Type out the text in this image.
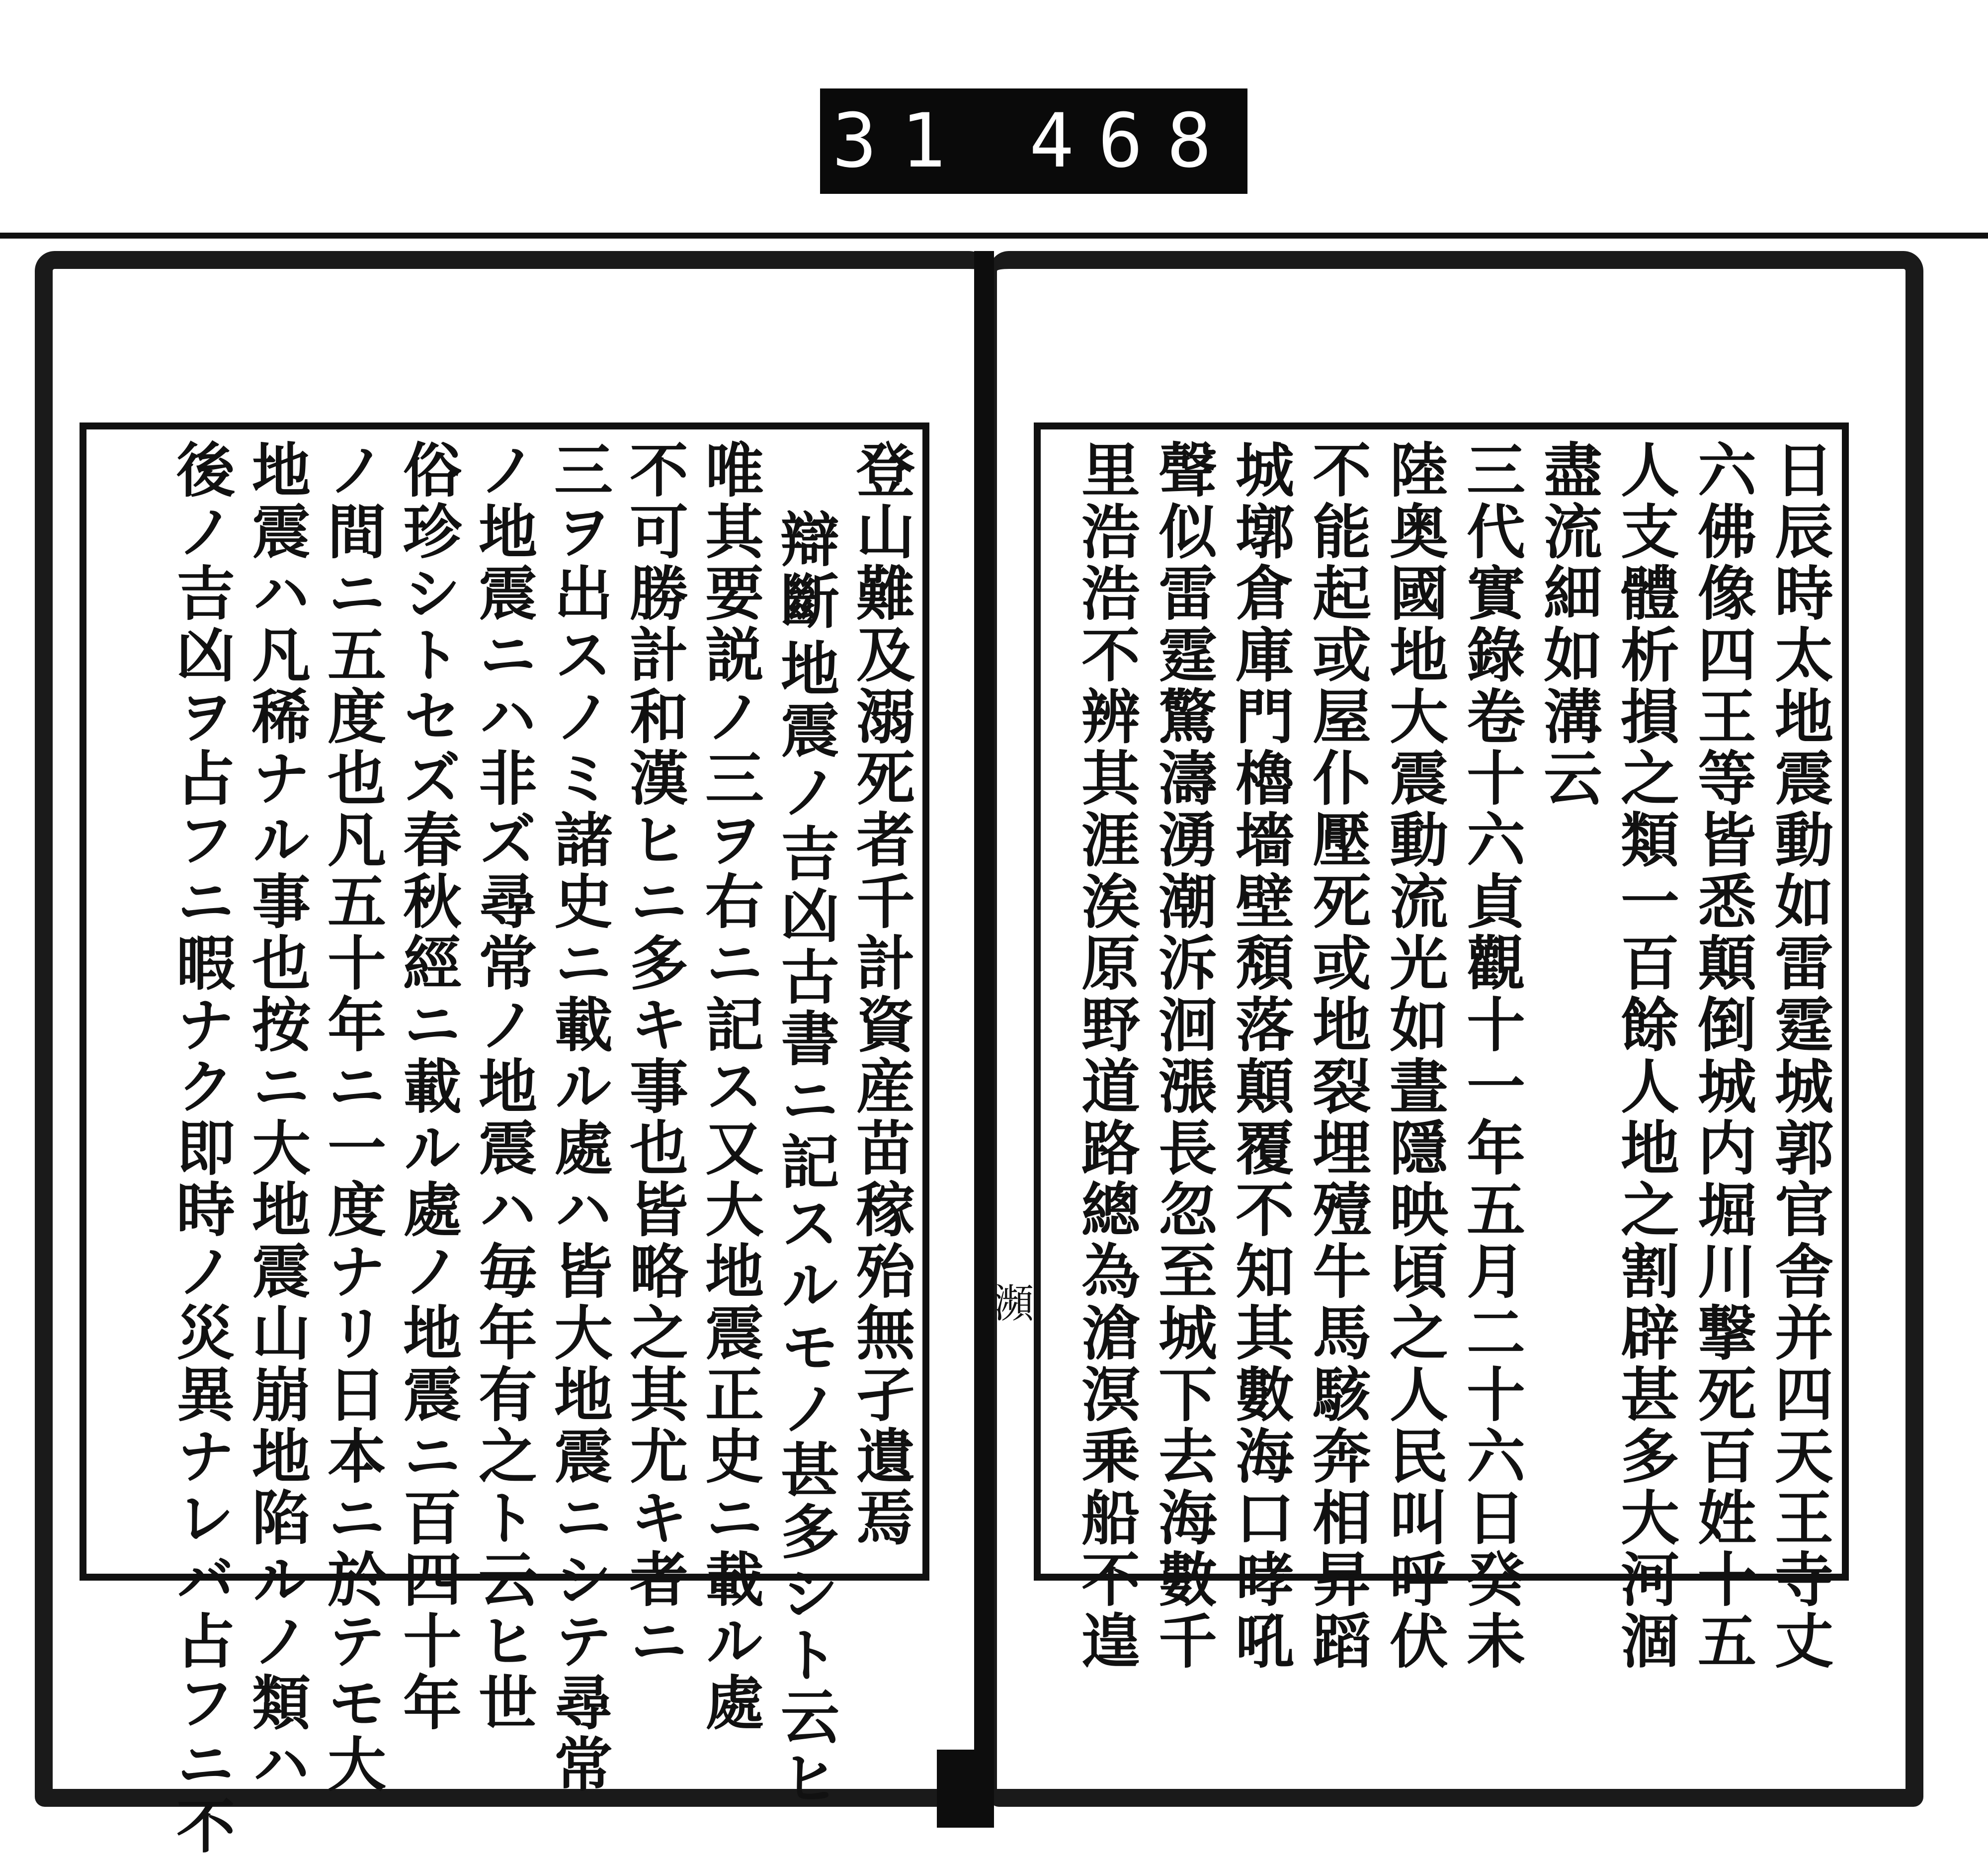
931 468.
登山難及溺死者千計資産苗稼殆無孑遺焉
辯斷
地震ノ吉凶古書ニ記スルモノ甚多シト云ヒ
唯其要説ノ三ヲ右ニ記ス又大地震正史ニ載ル處
不可勝計和漢ヒニ多キ事也皆略之其尤キ者ニ
三ヲ出スノミ諸史ニ載ル處ハ皆大地震ニシテ尋常
ノ地震ニハ非ズ尋常ノ地震ハ毎年有之ト云ヒ世
俗珍シトセズ春秋經ニ載ル處ノ地震ニ百四十年
ノ間ニ五度也凡五十年ニ一度ナリ日本ニ於テモ大
地震ハ凡稀ナル事也按ニ大地震山崩地陷ルノ類ハ
後ノ吉凶ヲ占フニ暇ナク即時ノ災異ナレバ占フニ不	日辰時太地震動如雷霆城郭官舎并四天王寺丈
六佛像四王等皆悉顛倒城内堀川撃死百姓十五
人支體析損之類一百餘人地之割辟甚多大河涸
盡流細如溝云
三代實錄卷十六貞觀十一年五月二十六日癸未
陸奥國地大震動流光如晝隱映頃之人民叫呼伏
不能起或屋仆壓死或地裂埋殪牛馬駭奔相昇蹈
城墎倉庫門櫓墻壁頽落顛覆不知其數海口哮吼
聲似雷霆驚濤湧潮泝洄漲長忽至城下去海數千
里浩浩不辨其涯涘原野道路總為滄溟乗船不遑
瀕
